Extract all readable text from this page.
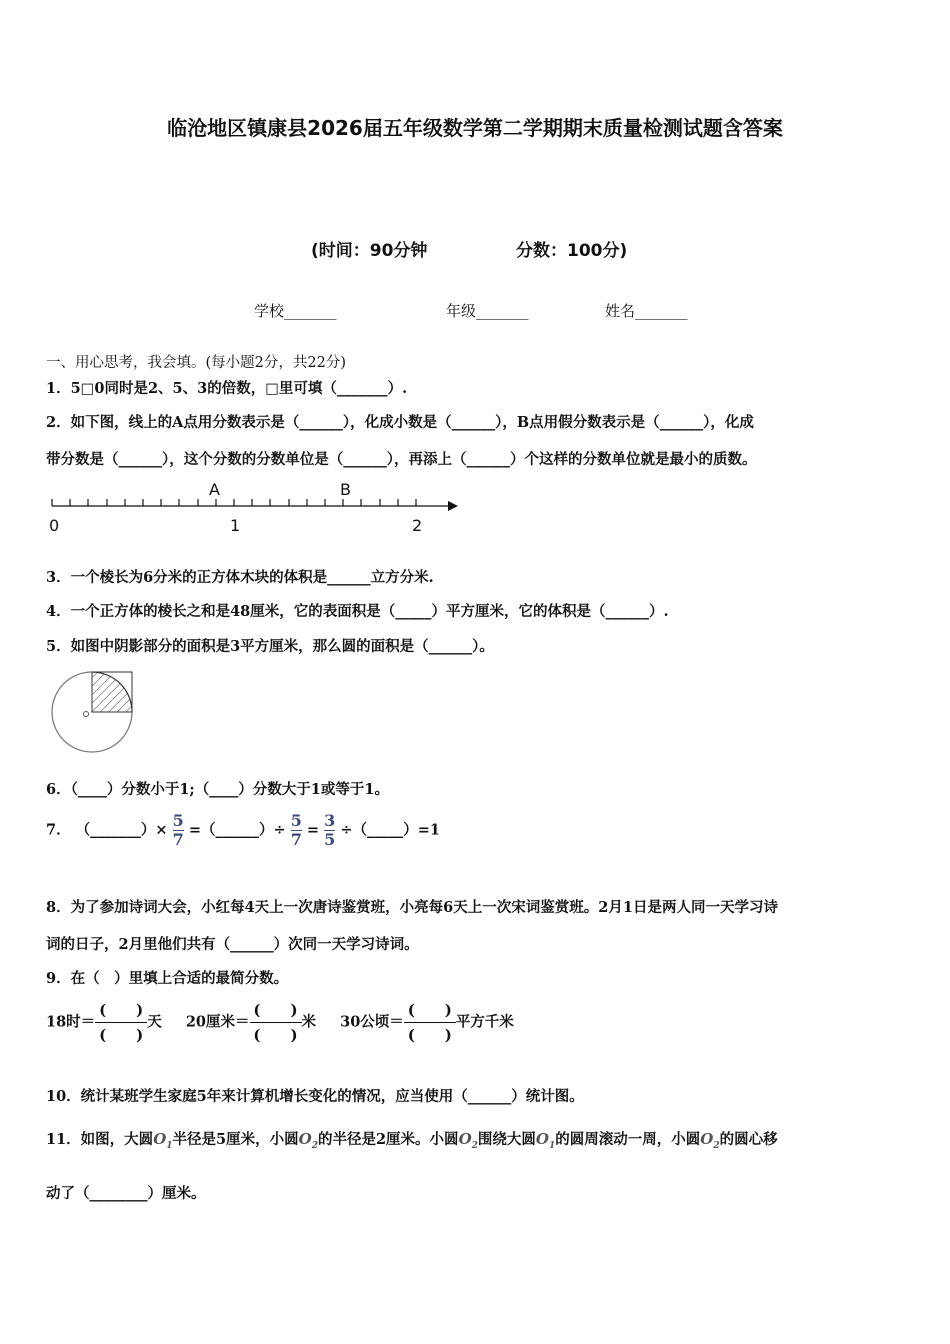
临沧地区镇康县2026届五年级数学第二学期期末质量检测试题含答案
(时间：90分钟	分数：100分)
学校_______	年级_______	姓名_______
一、用心思考，我会填。(每小题2分，共22分)
1．5□0同时是2、5、3的倍数，□里可填（_______）.
2．如下图，线上的A点用分数表示是（______），化成小数是（______），B点用假分数表示是（______），化成
带分数是（______），这个分数的分数单位是（______），再添上（______）个这样的分数单位就是最小的质数。
A	B
0	1	2
3．一个棱长为6分米的正方体木块的体积是______立方分米.
4．一个正方体的棱长之和是48厘米，它的表面积是（_____）平方厘米，它的体积是（______）.
5．如图中阴影部分的面积是3平方厘米，那么圆的面积是（______）。
6．（____）分数小于1;（____）分数大于1或等于1。
7． （_______）× $\frac{5}{7}$ =（______）÷ $\frac{5}{7} = \frac{3}{5}$ ÷（_____）=1
8．为了参加诗词大会，小红每4天上一次唐诗鉴赏班，小亮每6天上一次宋词鉴赏班。2月1日是两人同一天学习诗
词的日子，2月里他们共有（______）次同一天学习诗词。
9．在（　）里填上合适的最简分数。
18时＝
(　　)
(　　)
天 20厘米＝
(　　)
(　　)
米 30公顷＝
(　　)
(　　)
平方千米
10．统计某班学生家庭5年来计算机增长变化的情况，应当使用（______）统计图。
11．如图，大圆$O_1$半径是5厘米，小圆$O_2$的半径是2厘米。小圆$O_2$围绕大圆$O_1$的圆周滚动一周，小圆$O_2$的圆心移
动了（________）厘米。
